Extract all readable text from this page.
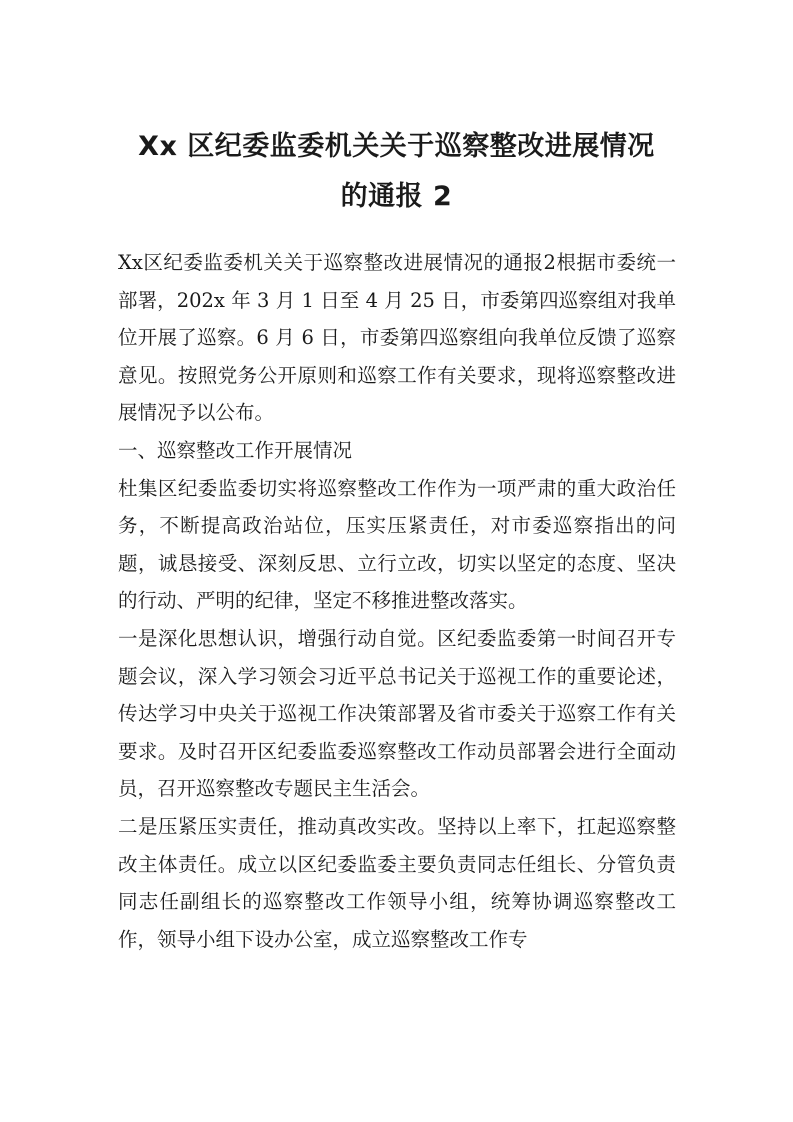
Xx 区纪委监委机关关于巡察整改进展情况
的通报 2

Xx区纪委监委机关关于巡察整改进展情况的通报2根据市委统一部署，202x 年 3 月 1 日至 4 月 25 日，市委第四巡察组对我单位开展了巡察。6 月 6 日，市委第四巡察组向我单位反馈了巡察意见。按照党务公开原则和巡察工作有关要求，现将巡察整改进展情况予以公布。

一、巡察整改工作开展情况

杜集区纪委监委切实将巡察整改工作作为一项严肃的重大政治任务，不断提高政治站位，压实压紧责任，对市委巡察指出的问题，诚恳接受、深刻反思、立行立改，切实以坚定的态度、坚决的行动、严明的纪律，坚定不移推进整改落实。

一是深化思想认识，增强行动自觉。区纪委监委第一时间召开专题会议，深入学习领会习近平总书记关于巡视工作的重要论述，传达学习中央关于巡视工作决策部署及省市委关于巡察工作有关要求。及时召开区纪委监委巡察整改工作动员部署会进行全面动员，召开巡察整改专题民主生活会。

二是压紧压实责任，推动真改实改。坚持以上率下，扛起巡察整改主体责任。成立以区纪委监委主要负责同志任组长、分管负责同志任副组长的巡察整改工作领导小组，统筹协调巡察整改工作，领导小组下设办公室，成立巡察整改工作专
